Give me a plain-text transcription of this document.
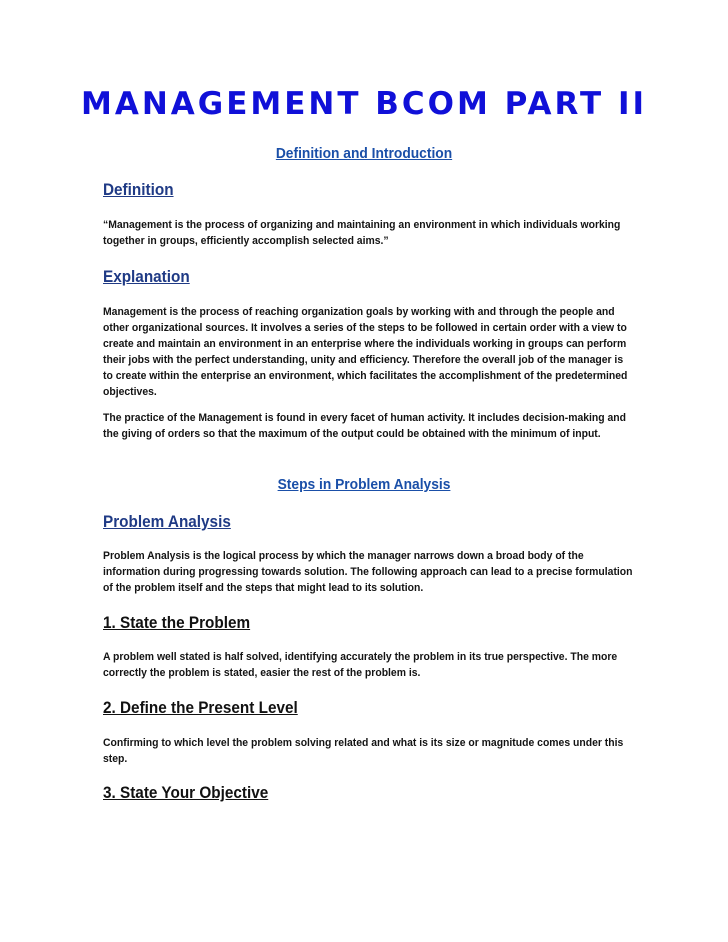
MANAGEMENT BCOM PART II
Definition and Introduction
Definition
“Management is the process of organizing and maintaining an environment in which individuals working together in groups, efficiently accomplish selected aims.”
Explanation
Management is the process of reaching organization goals by working with and through the people and other organizational sources. It involves a series of the steps to be followed in certain order with a view to create and maintain an environment in an enterprise where the individuals working in groups can perform their jobs with the perfect understanding, unity and efficiency. Therefore the overall job of the manager is to create within the enterprise an environment, which facilitates the accomplishment of the predetermined objectives.
The practice of the Management is found in every facet of human activity. It includes decision-making and the giving of orders so that the maximum of the output could be obtained with the minimum of input.
Steps in Problem Analysis
Problem Analysis
Problem Analysis is the logical process by which the manager narrows down a broad body of the information during progressing towards solution. The following approach can lead to a precise formulation of the problem itself and the steps that might lead to its solution.
1. State the Problem
A problem well stated is half solved, identifying accurately the problem in its true perspective. The more correctly the problem is stated, easier the rest of the problem is.
2. Define the Present Level
Confirming to which level the problem solving related and what is its size or magnitude comes under this step.
3. State Your Objective
